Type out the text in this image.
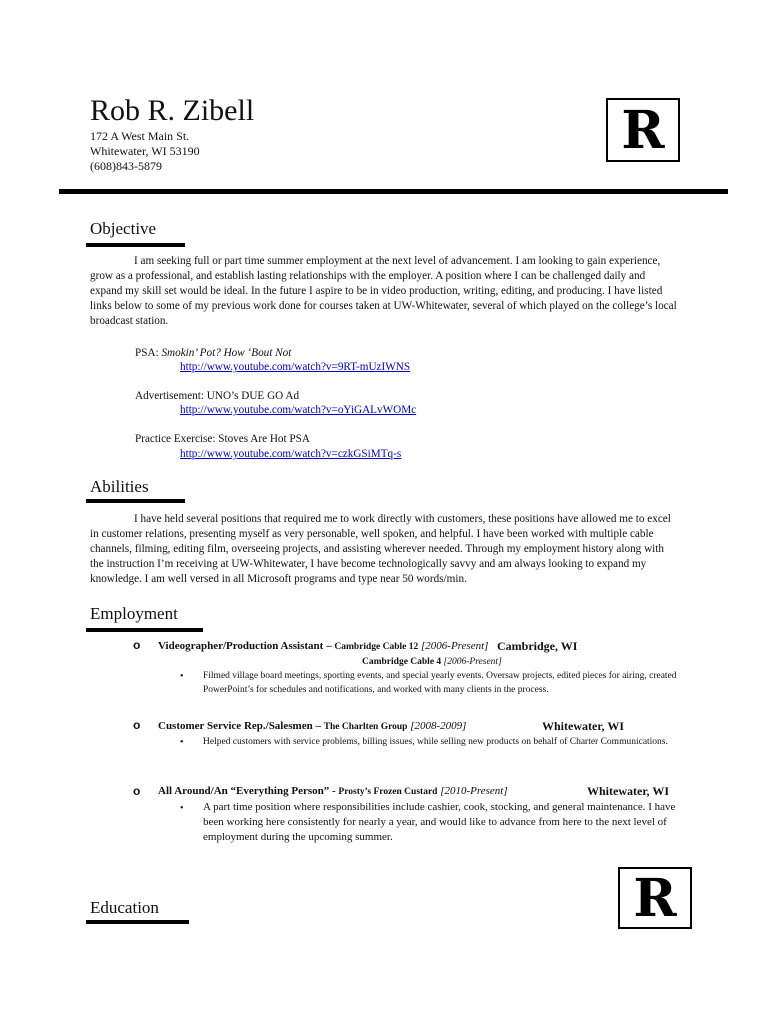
Rob R. Zibell
172 A West Main St.
Whitewater, WI 53190
(608)843-5879
R
Objective
I am seeking full or part time summer employment at the next level of advancement. I am looking to gain experience, grow as a professional, and establish lasting relationships with the employer. A position where I can be challenged daily and expand my skill set would be ideal. In the future I aspire to be in video production, writing, editing, and producing. I have listed links below to some of my previous work done for courses taken at UW-Whitewater, several of which played on the college’s local broadcast station.
PSA: Smokin’ Pot? How ‘Bout Not
http://www.youtube.com/watch?v=9RT-mUzIWNS
Advertisement: UNO’s DUE GO Ad
http://www.youtube.com/watch?v=oYiGALvWOMc
Practice Exercise: Stoves Are Hot PSA
http://www.youtube.com/watch?v=czkGSiMTq-s
Abilities
I have held several positions that required me to work directly with customers, these positions have allowed me to excel in customer relations, presenting myself as very personable, well spoken, and helpful. I have been worked with multiple cable channels, filming, editing film, overseeing projects, and assisting wherever needed. Through my employment history along with the instruction I’m receiving at UW-Whitewater, I have become technologically savvy and am always looking to expand my knowledge. I am well versed in all Microsoft programs and type near 50 words/min.
Employment
o Videographer/Production Assistant – Cambridge Cable 12 [2006-Present] Cambridge, WI
Cambridge Cable 4 [2006-Present]
• Filmed village board meetings, sporting events, and special yearly events. Oversaw projects, edited pieces for airing, created PowerPoint’s for schedules and notifications, and worked with many clients in the process.
o Customer Service Rep./Salesmen – The Charlten Group [2008-2009]	Whitewater, WI
• Helped customers with service problems, billing issues, while selling new products on behalf of Charter Communications.
o All Around/An “Everything Person” - Prosty’s Frozen Custard [2010-Present]	Whitewater, WI
• A part time position where responsibilities include cashier, cook, stocking, and general maintenance. I have been working here consistently for nearly a year, and would like to advance from here to the next level of employment during the upcoming summer.
Education	R
